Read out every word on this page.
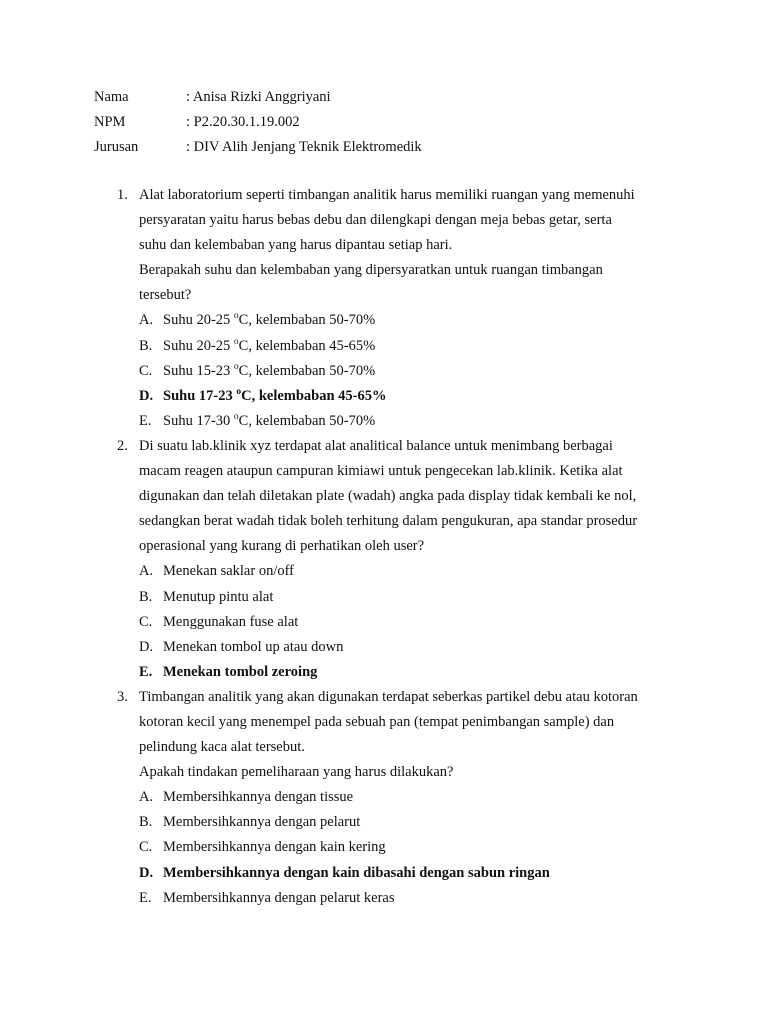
Nama	: Anisa Rizki Anggriyani
NPM	: P2.20.30.1.19.002
Jurusan	: DIV Alih Jenjang Teknik Elektromedik
1. Alat laboratorium seperti timbangan analitik harus memiliki ruangan yang memenuhi
persyaratan yaitu harus bebas debu dan dilengkapi dengan meja bebas getar, serta
suhu dan kelembaban yang harus dipantau setiap hari.
Berapakah suhu dan kelembaban yang dipersyaratkan untuk ruangan timbangan
tersebut?
A. Suhu 20-25 $^o$C, kelembaban 50-70%
B. Suhu 20-25 $^o$C, kelembaban 45-65%
C. Suhu 15-23 $^o$C, kelembaban 50-70%
D. Suhu 17-23 $^o$C, kelembaban 45-65%
E. Suhu 17-30 $^o$C, kelembaban 50-70%
2. Di suatu lab.klinik xyz terdapat alat analitical balance untuk menimbang berbagai
macam reagen ataupun campuran kimiawi untuk pengecekan lab.klinik. Ketika alat
digunakan dan telah diletakan plate (wadah) angka pada display tidak kembali ke nol,
sedangkan berat wadah tidak boleh terhitung dalam pengukuran, apa standar prosedur
operasional yang kurang di perhatikan oleh user?
A. Menekan saklar on/off
B. Menutup pintu alat
C. Menggunakan fuse alat
D. Menekan tombol up atau down
E. Menekan tombol zeroing
3. Timbangan analitik yang akan digunakan terdapat seberkas partikel debu atau kotoran
kotoran kecil yang menempel pada sebuah pan (tempat penimbangan sample) dan
pelindung kaca alat tersebut.
Apakah tindakan pemeliharaan yang harus dilakukan?
A. Membersihkannya dengan tissue
B. Membersihkannya dengan pelarut
C. Membersihkannya dengan kain kering
D. Membersihkannya dengan kain dibasahi dengan sabun ringan
E. Membersihkannya dengan pelarut keras
